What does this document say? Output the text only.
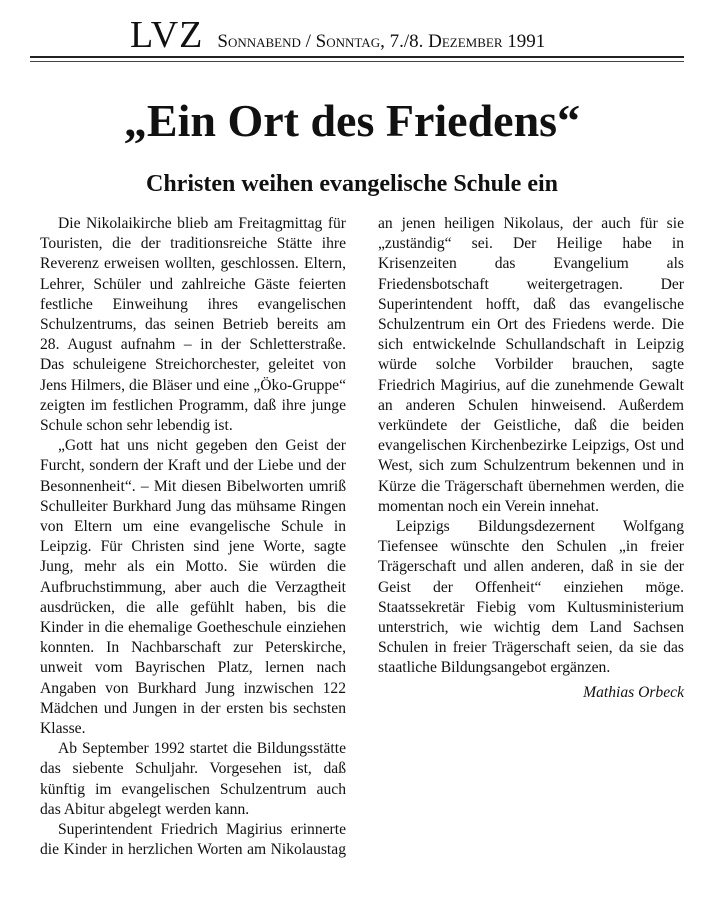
LVZ Sonnabend / Sonntag, 7./8. Dezember 1991
„Ein Ort des Friedens“
Christen weihen evangelische Schule ein

Die Nikolaikirche blieb am Freitagmittag für Touristen, die der traditionsreiche Stätte ihre Reverenz erweisen wollten, geschlossen. Eltern, Lehrer, Schüler und zahlreiche Gäste feierten festliche Einweihung ihres evangelischen Schulzentrums, das seinen Betrieb bereits am 28. August aufnahm – in der Schletterstraße. Das schuleigene Streichorchester, geleitet von Jens Hilmers, die Bläser und eine „Öko-Gruppe“ zeigten im festlichen Programm, daß ihre junge Schule schon sehr lebendig ist.

„Gott hat uns nicht gegeben den Geist der Furcht, sondern der Kraft und der Liebe und der Besonnenheit“. – Mit diesen Bibelworten umriß Schulleiter Burkhard Jung das mühsame Ringen von Eltern um eine evangelische Schule in Leipzig. Für Christen sind jene Worte, sagte Jung, mehr als ein Motto. Sie würden die Aufbruchstimmung, aber auch die Verzagtheit ausdrücken, die alle gefühlt haben, bis die Kinder in die ehemalige Goetheschule einziehen konnten. In Nachbarschaft zur Peterskirche, unweit vom Bayrischen Platz, lernen nach Angaben von Burkhard Jung inzwischen 122 Mädchen und Jungen in der ersten bis sechsten Klasse.

Ab September 1992 startet die Bildungsstätte das siebente Schuljahr. Vorgesehen ist, daß künftig im evangelischen Schulzentrum auch das Abitur abgelegt werden kann.

Superintendent Friedrich Magirius erinnerte die Kinder in herzlichen Worten am Nikolaustag an jenen heiligen Nikolaus, der auch für sie „zuständig“ sei. Der Heilige habe in Krisenzeiten das Evangelium als Friedensbotschaft weitergetragen. Der Superintendent hofft, daß das evangelische Schulzentrum ein Ort des Friedens werde. Die sich entwickelnde Schullandschaft in Leipzig würde solche Vorbilder brauchen, sagte Friedrich Magirius, auf die zunehmende Gewalt an anderen Schulen hinweisend. Außerdem verkündete der Geistliche, daß die beiden evangelischen Kirchenbezirke Leipzigs, Ost und West, sich zum Schulzentrum bekennen und in Kürze die Trägerschaft übernehmen werden, die momentan noch ein Verein innehat.

Leipzigs Bildungsdezernent Wolfgang Tiefensee wünschte den Schulen „in freier Trägerschaft und allen anderen, daß in sie der Geist der Offenheit“ einziehen möge. Staatssekretär Fiebig vom Kultusministerium unterstrich, wie wichtig dem Land Sachsen Schulen in freier Trägerschaft seien, da sie das staatliche Bildungsangebot ergänzen.

Mathias Orbeck
